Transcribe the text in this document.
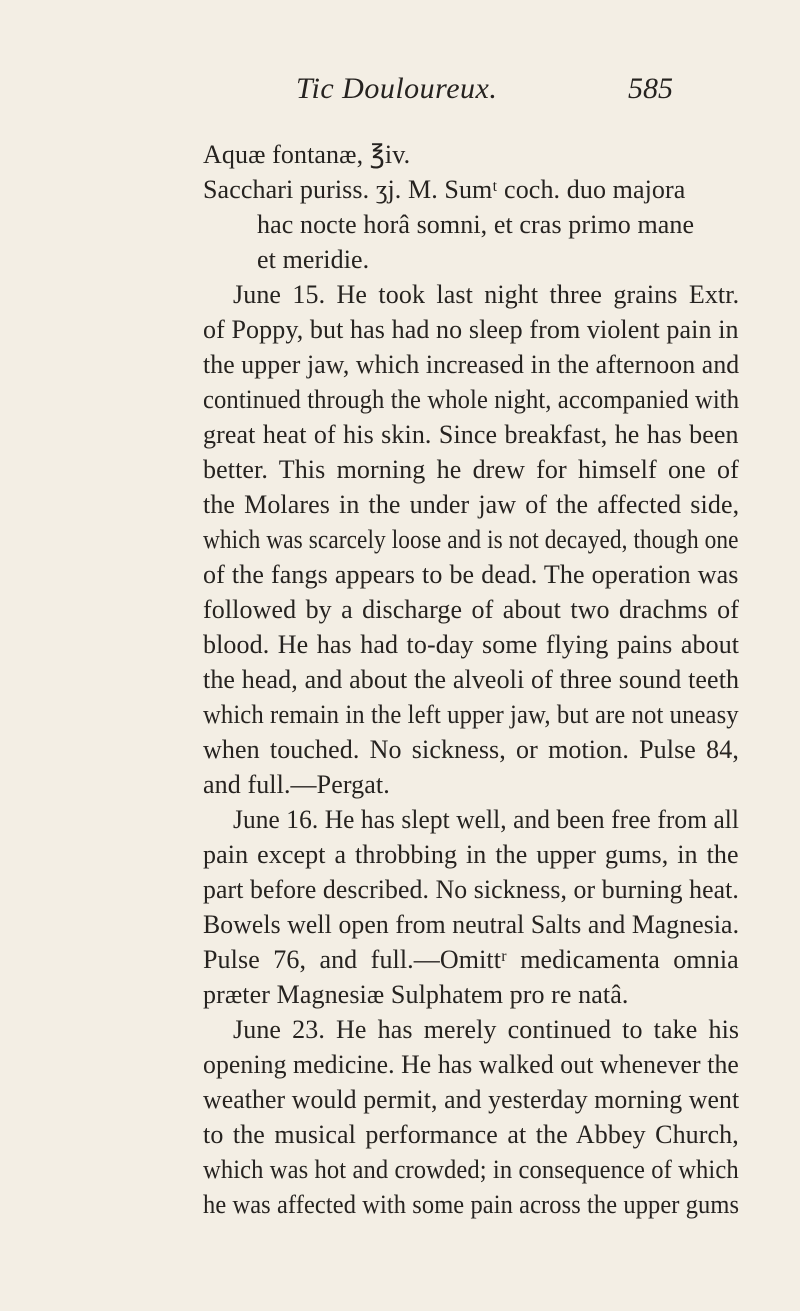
Tic Douloureux.	585
Aquæ fontanæ, ℥iv.
Sacchari puriss. ʒj. M. Sumᵗ coch. duo majora
hac nocte horâ somni, et cras primo mane
et meridie.
June 15. He took last night three grains Extr.
of Poppy, but has had no sleep from violent pain in
the upper jaw, which increased in the afternoon and
continued through the whole night, accompanied with
great heat of his skin. Since breakfast, he has been
better. This morning he drew for himself one of
the Molares in the under jaw of the affected side,
which was scarcely loose and is not decayed, though one
of the fangs appears to be dead. The operation was
followed by a discharge of about two drachms of
blood. He has had to-day some flying pains about
the head, and about the alveoli of three sound teeth
which remain in the left upper jaw, but are not uneasy
when touched. No sickness, or motion. Pulse 84,
and full.—Pergat.
June 16. He has slept well, and been free from all
pain except a throbbing in the upper gums, in the
part before described. No sickness, or burning heat.
Bowels well open from neutral Salts and Magnesia.
Pulse 76, and full.—Omittʳ medicamenta omnia
præter Magnesiæ Sulphatem pro re natâ.
June 23. He has merely continued to take his
opening medicine. He has walked out whenever the
weather would permit, and yesterday morning went
to the musical performance at the Abbey Church,
which was hot and crowded; in consequence of which
he was affected with some pain across the upper gums
